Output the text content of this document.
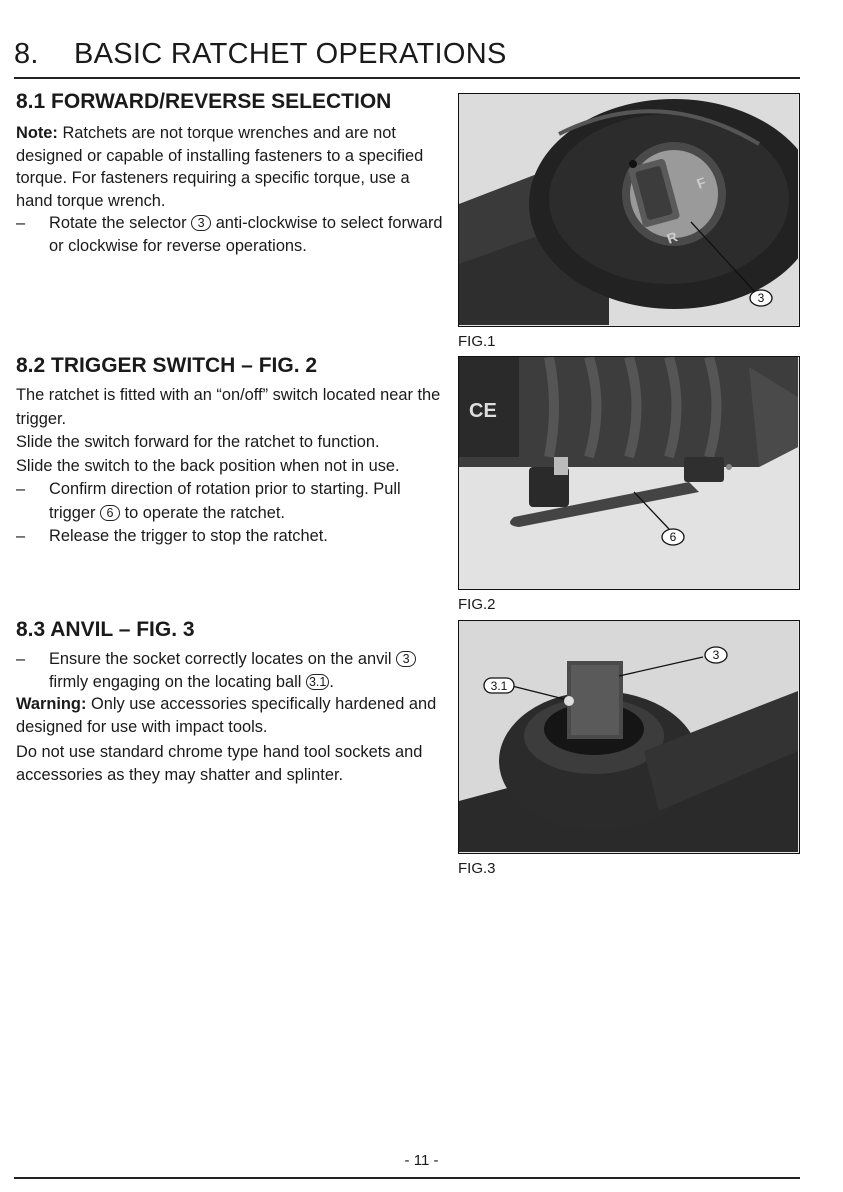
8. BASIC RATCHET OPERATIONS
8.1 FORWARD/REVERSE SELECTION

Note: Ratchets are not torque wrenches and are not designed or capable of installing fasteners to a specified torque. For fasteners requiring a specific torque, use a hand torque wrench.

– Rotate the selector 3 anti-clockwise to select forward or clockwise for reverse operations.

8.2 TRIGGER SWITCH – FIG. 2

The ratchet is fitted with an “on/off” switch located near the trigger.

Slide the switch forward for the ratchet to function.

Slide the switch to the back position when not in use.

– Confirm direction of rotation prior to starting. Pull trigger 6 to operate the ratchet.

– Release the trigger to stop the ratchet.

8.3 ANVIL – FIG. 3

– Ensure the socket correctly locates on the anvil 3 firmly engaging on the locating ball 3.1 .

Warning: Only use accessories specifically hardened and designed for use with impact tools.

Do not use standard chrome type hand tool sockets and accessories as they may shatter and splinter.

R
F
3
FIG.1
CE
6
FIG.2
3
3.1
FIG.3
- 11 -
